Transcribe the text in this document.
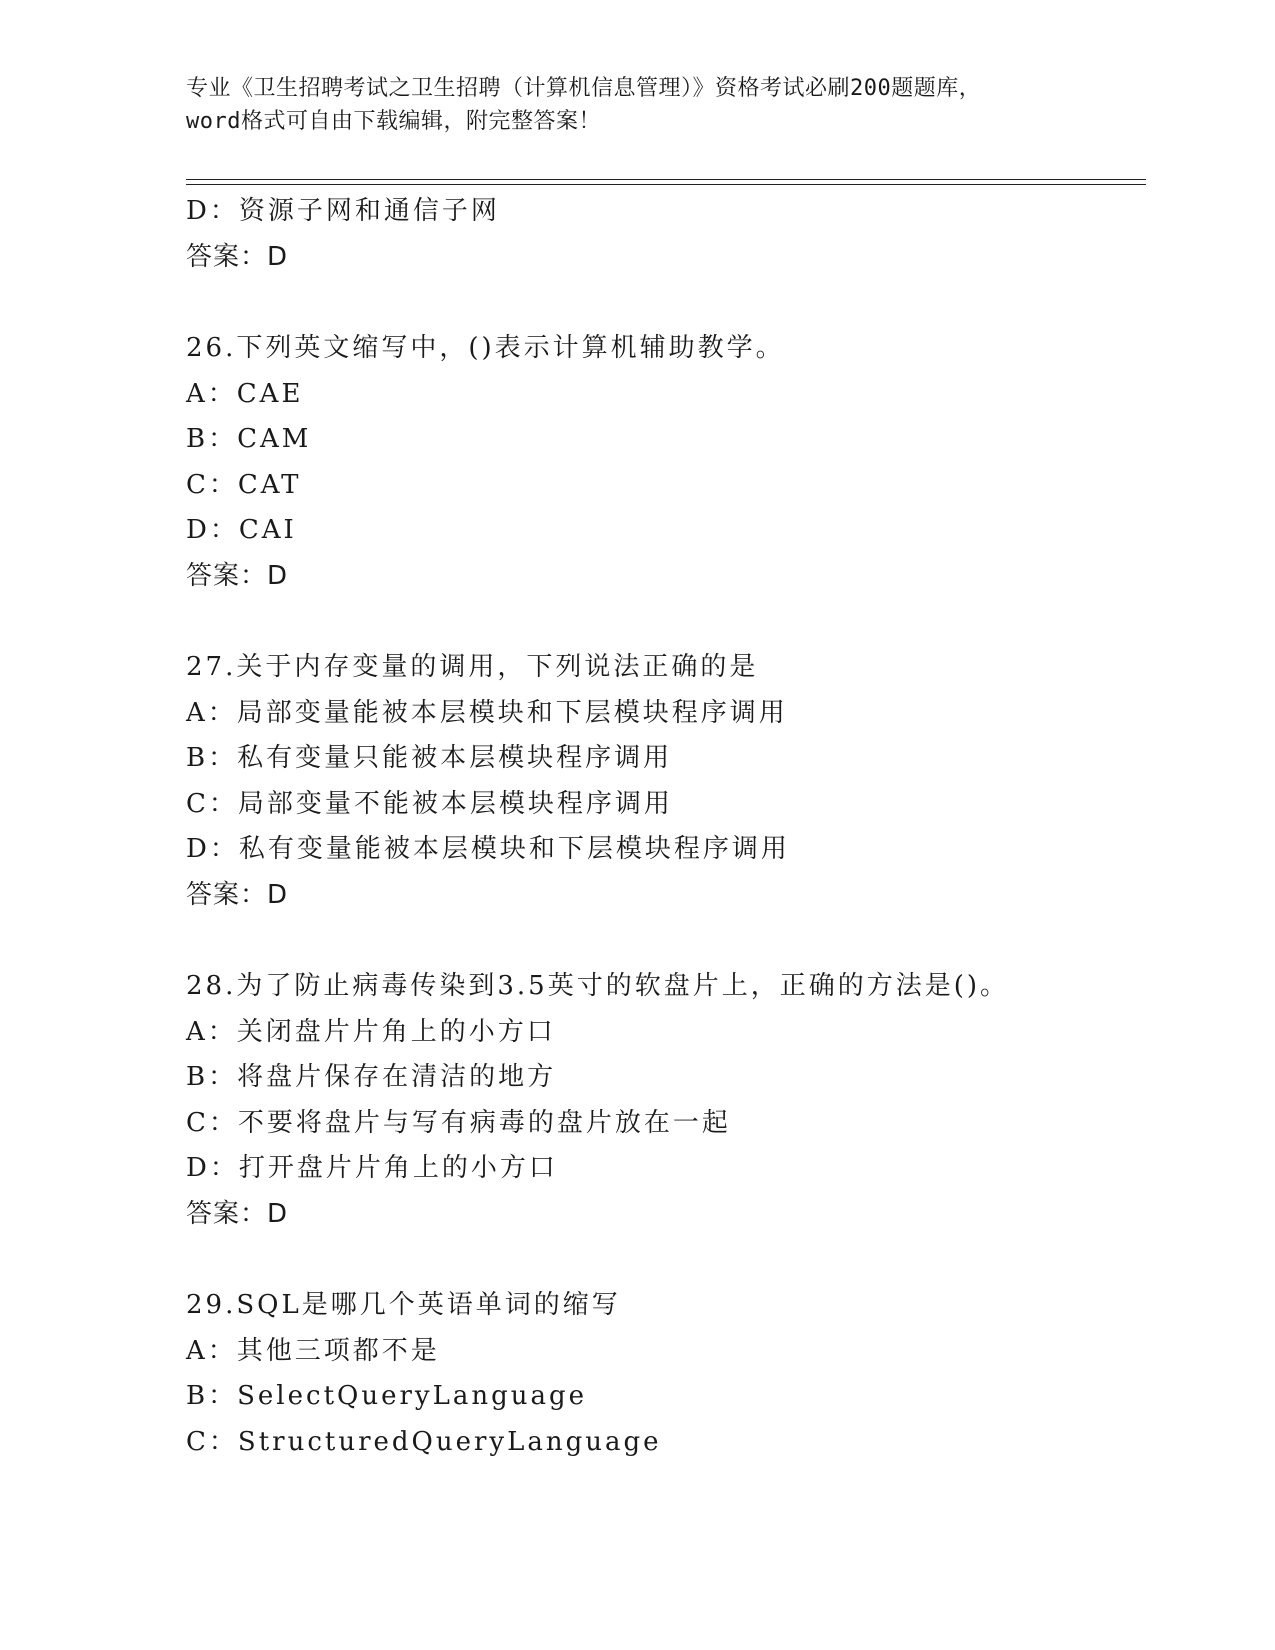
专业《卫生招聘考试之卫生招聘（计算机信息管理）》资格考试必刷200题题库，
word格式可自由下载编辑，附完整答案！
D：资源子网和通信子网
答案：D
26.下列英文缩写中，()表示计算机辅助教学。
A：CAE
B：CAM
C：CAT
D：CAI
答案：D
27.关于内存变量的调用，下列说法正确的是
A：局部变量能被本层模块和下层模块程序调用
B：私有变量只能被本层模块程序调用
C：局部变量不能被本层模块程序调用
D：私有变量能被本层模块和下层模块程序调用
答案：D
28.为了防止病毒传染到3.5英寸的软盘片上，正确的方法是()。
A：关闭盘片片角上的小方口
B：将盘片保存在清洁的地方
C：不要将盘片与写有病毒的盘片放在一起
D：打开盘片片角上的小方口
答案：D
29.SQL是哪几个英语单词的缩写
A：其他三项都不是
B：SelectQueryLanguage
C：StructuredQueryLanguage
